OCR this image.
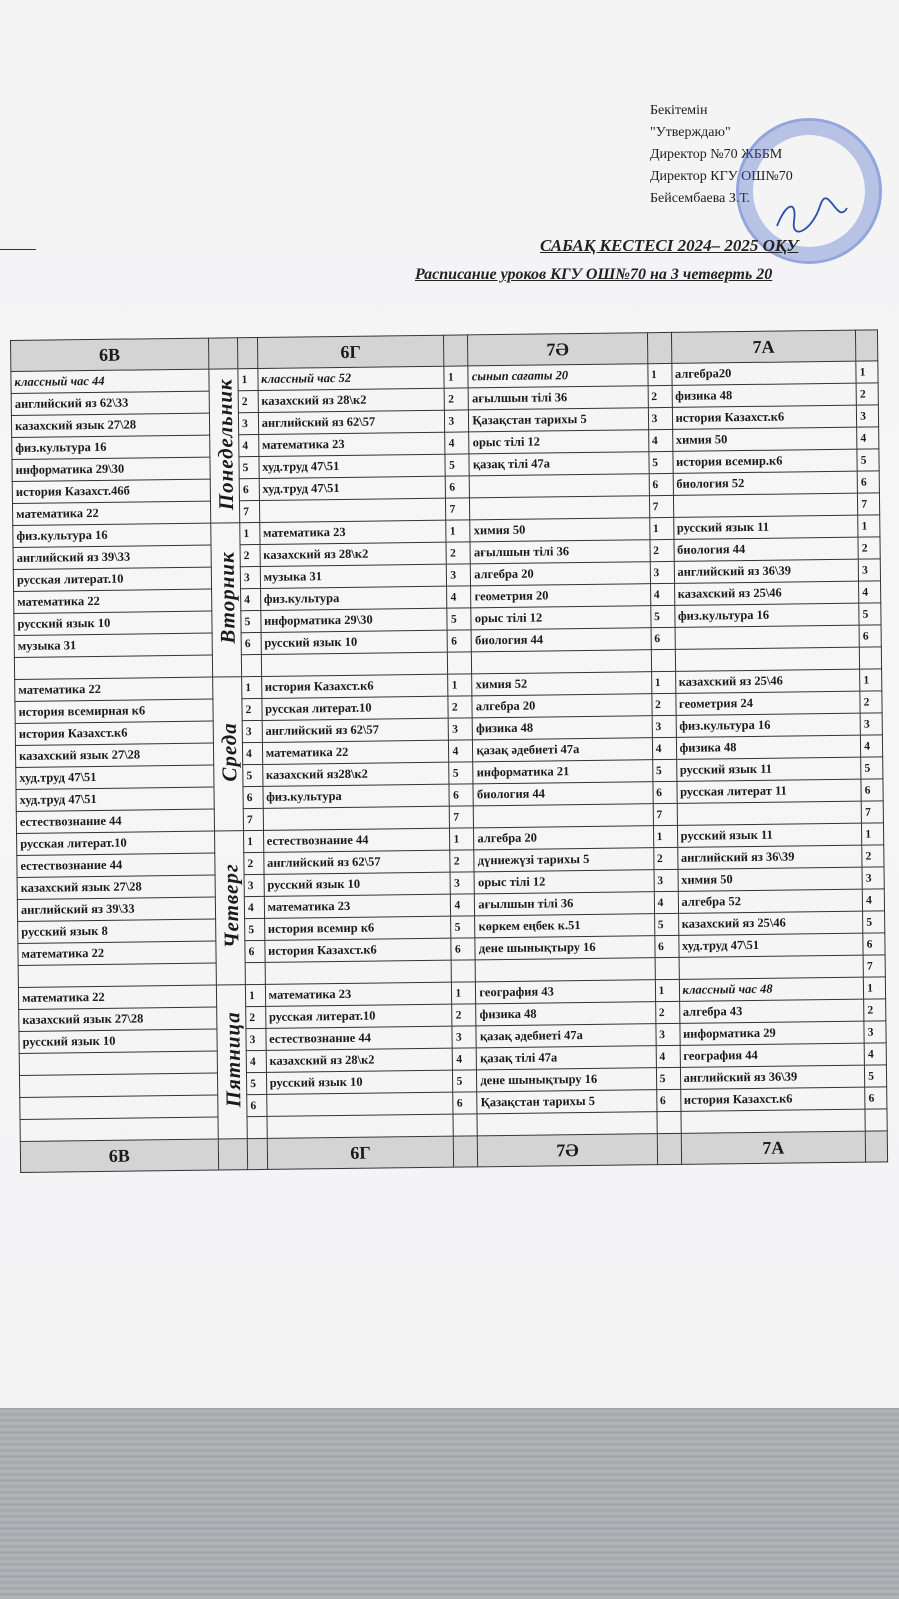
Бекітемін
"Утверждаю"
Директор №70 ЖББМ
Директор КГУ ОШ№70
Бейсембаева З.Т.
САБАҚ КЕСТЕСІ 2024– 2025 ОҚУ
Расписание уроков КГУ ОШ№70 на 3 четверть 20
6В			6Г		7Ә		7А	
классный час 44	Понедельник	1	классный час 52	1	сынып сағаты 20	1	алгебра20	1
английский яз 62\33		2	казахский яз 28\к2	2	ағылшын тілі 36	2	физика 48	2
казахский язык 27\28		3	английский яз 62\57	3	Қазақстан тарихы 5	3	история Казахст.к6	3
физ.культура 16		4	математика 23	4	орыс тілі 12	4	химия 50	4
информатика 29\30		5	худ.труд 47\51	5	қазақ тілі 47а	5	история всемир.к6	5
история Казахст.46б		6	худ.труд 47\51	6		6	биология 52	6
математика 22		7		7		7		7
физ.культура 16	Вторник	1	математика 23	1	химия 50	1	русский язык 11	1
английский яз 39\33		2	казахский яз 28\к2	2	ағылшын тілі 36	2	биология 44	2
русская литерат.10		3	музыка 31	3	алгебра 20	3	английский яз 36\39	3
математика 22		4	физ.культура	4	геометрия 20	4	казахский яз 25\46	4
русский язык 10		5	информатика 29\30	5	орыс тілі 12	5	физ.культура 16	5
музыка 31		6	русский язык 10	6	биология 44	6		6

математика 22	Среда	1	история Казахст.к6	1	химия 52	1	казахский яз 25\46	1
история всемирная к6		2	русская литерат.10	2	алгебра 20	2	геометрия 24	2
история Казахст.к6		3	английский яз 62\57	3	физика 48	3	физ.культура 16	3
казахский язык 27\28		4	математика 22	4	қазақ әдебиеті 47а	4	физика 48	4
худ.труд 47\51		5	казахский яз28\к2	5	информатика 21	5	русский язык 11	5
худ.труд 47\51		6	физ.культура	6	биология 44	6	русская литерат 11	6
естествознание 44		7		7		7		7
русская литерат.10	Четверг	1	естествознание 44	1	алгебра 20	1	русский язык 11	1
естествознание 44		2	английский яз 62\57	2	дүниежүзі тарихы 5	2	английский яз 36\39	2
казахский язык 27\28		3	русский язык 10	3	орыс тілі 12	3	химия 50	3
английский яз 39\33		4	математика 23	4	ағылшын тілі 36	4	алгебра 52	4
русский язык 8		5	история всемир к6	5	көркем еңбек к.51	5	казахский яз 25\46	5
математика 22		6	история Казахст.к6	6	дене шынықтыру 16	6	худ.труд 47\51	6
								7
математика 22	Пятница	1	математика 23	1	география 43	1	классный час 48	1
казахский язык 27\28		2	русская литерат.10	2	физика 48	2	алгебра 43	2
русский язык 10		3	естествознание 44	3	қазақ әдебиеті 47а	3	информатика 29	3
		4	казахский яз 28\к2	4	қазақ тілі 47а	4	география 44	4
		5	русский язык 10	5	дене шынықтыру 16	5	английский яз 36\39	5
		6		6	Қазақстан тарихы 5	6	история Казахст.к6	6

6В			6Г		7Ә		7А	
